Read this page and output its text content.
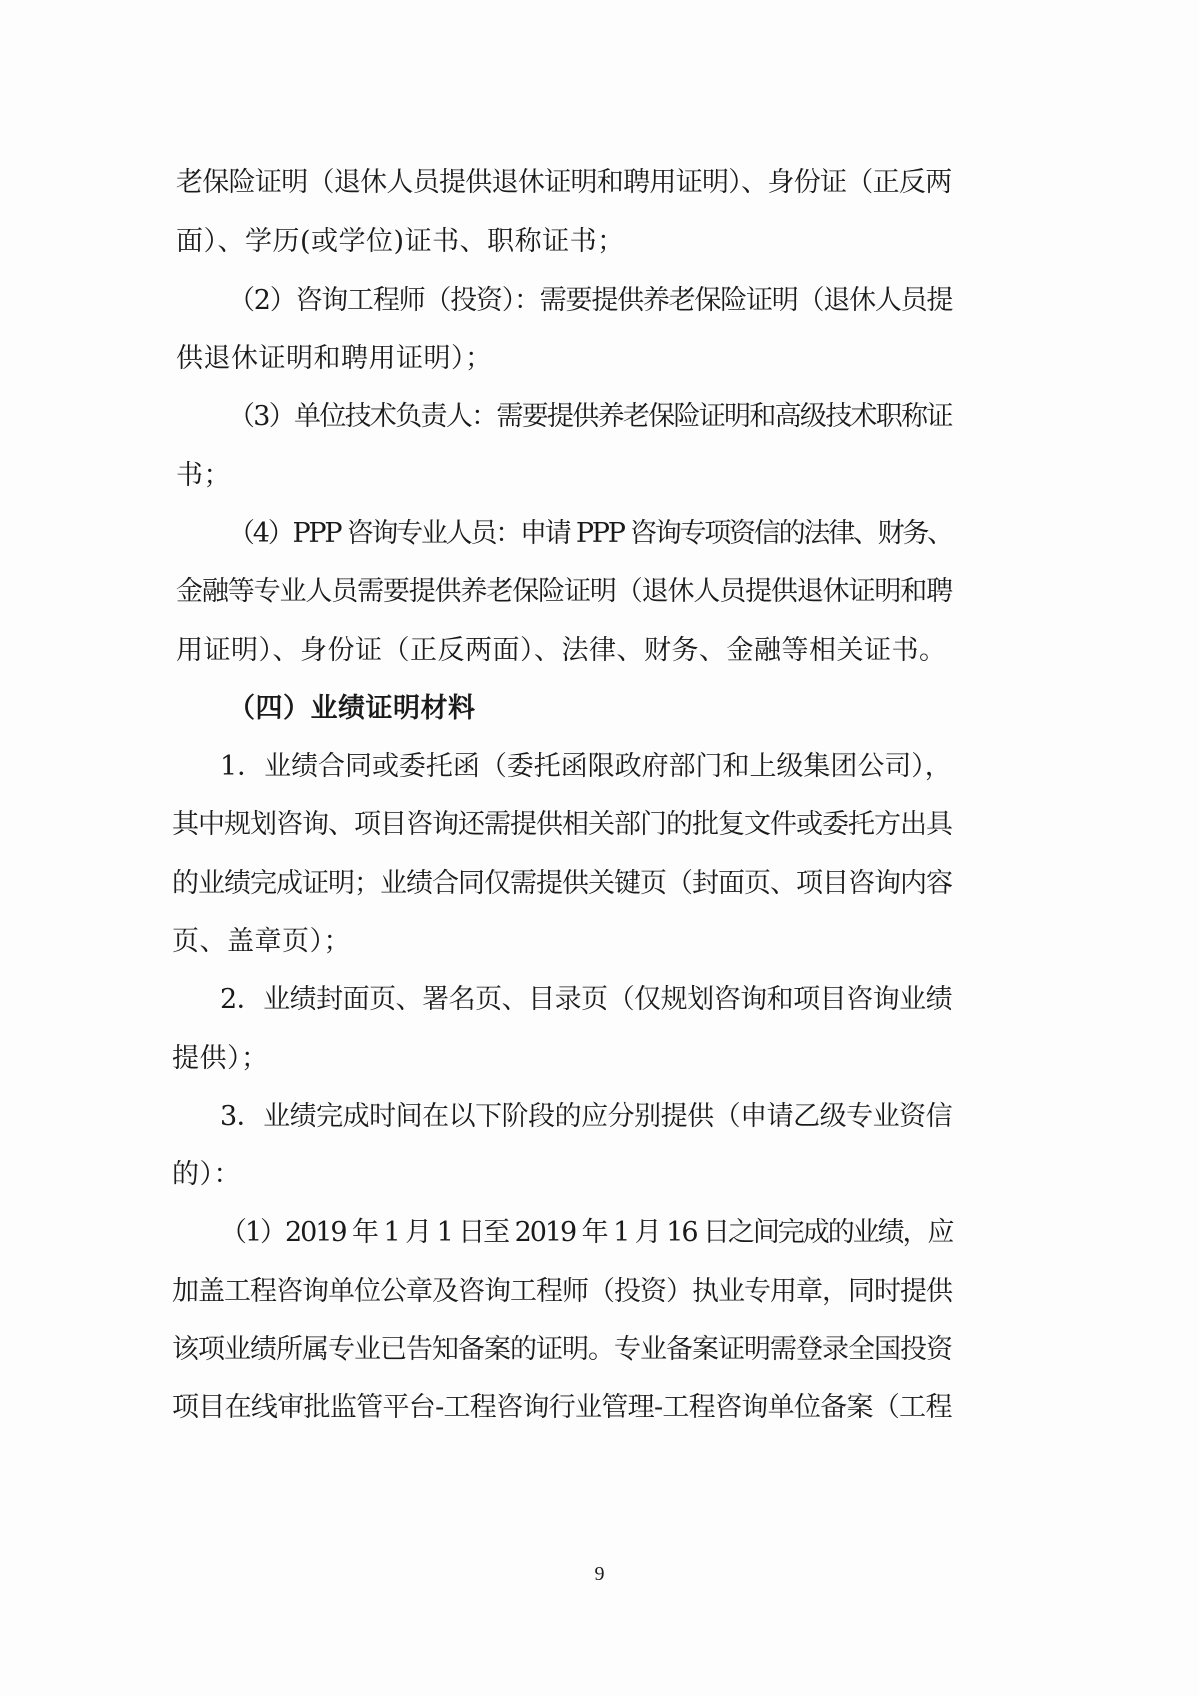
老保险证明（退休人员提供退休证明和聘用证明）、身份证（正反两
面）、学历(或学位)证书、职称证书；
（2）咨询工程师（投资）：需要提供养老保险证明（退休人员提
供退休证明和聘用证明）；
（3）单位技术负责人：需要提供养老保险证明和高级技术职称证
书；
（4）PPP 咨询专业人员：申请 PPP 咨询专项资信的法律、财务、
金融等专业人员需要提供养老保险证明（退休人员提供退休证明和聘
用证明）、身份证（正反两面）、法律、财务、金融等相关证书。
（四）业绩证明材料
1．业绩合同或委托函（委托函限政府部门和上级集团公司），
其中规划咨询、项目咨询还需提供相关部门的批复文件或委托方出具
的业绩完成证明；业绩合同仅需提供关键页（封面页、项目咨询内容
页、盖章页）；
2．业绩封面页、署名页、目录页（仅规划咨询和项目咨询业绩
提供）；
3．业绩完成时间在以下阶段的应分别提供（申请乙级专业资信
的）：
（1）2019 年 1 月 1 日至 2019 年 1 月 16 日之间完成的业绩，应
加盖工程咨询单位公章及咨询工程师（投资）执业专用章，同时提供
该项业绩所属专业已告知备案的证明。专业备案证明需登录全国投资
项目在线审批监管平台-工程咨询行业管理-工程咨询单位备案（工程
9
